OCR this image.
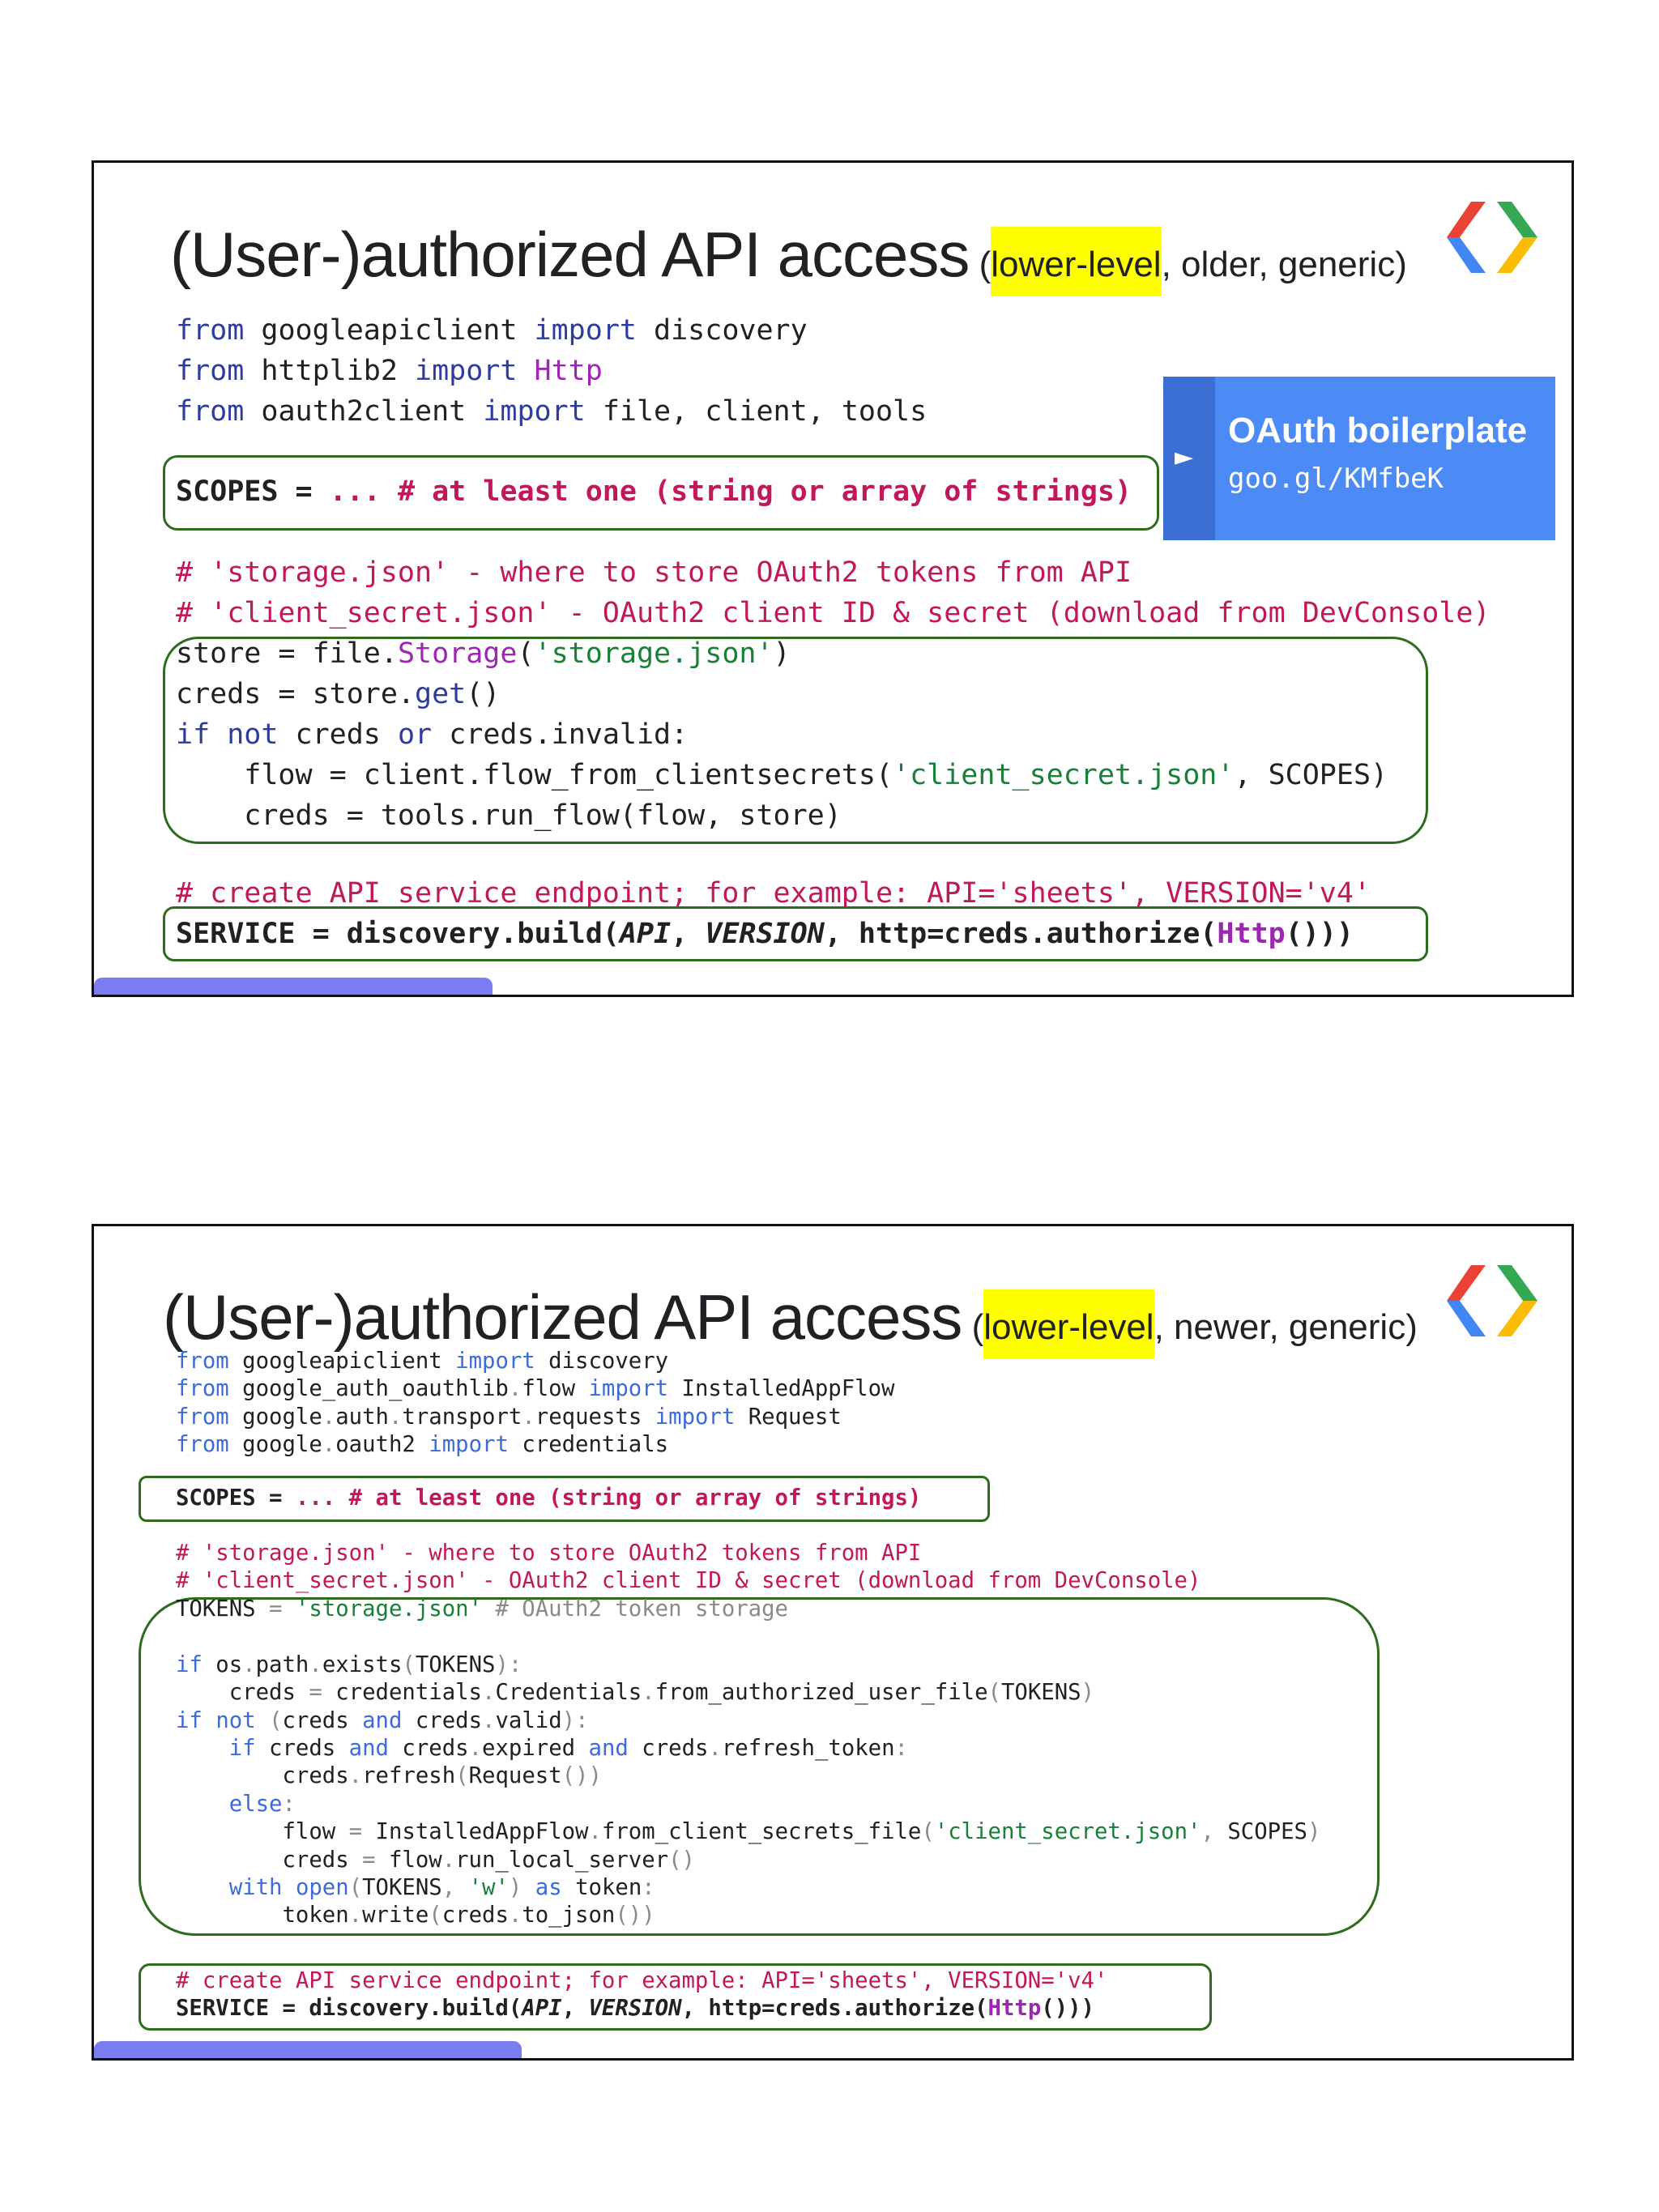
(User-)authorized API access (lower-level, older, generic)
►
OAuth boilerplate
goo.gl/KMfbeK
from googleapiclient import discovery
from httplib2 import Http
from oauth2client import file, client, tools
SCOPES = ... # at least one (string or array of strings)
# 'storage.json' - where to store OAuth2 tokens from API
# 'client_secret.json' - OAuth2 client ID & secret (download from DevConsole)
store = file.Storage('storage.json')
creds = store.get()
if not creds or creds.invalid:
flow = client.flow_from_clientsecrets('client_secret.json', SCOPES)
creds = tools.run_flow(flow, store)
# create API service endpoint; for example: API='sheets', VERSION='v4'
SERVICE = discovery.build(API, VERSION, http=creds.authorize(Http()))
(User-)authorized API access (lower-level, newer, generic)
from googleapiclient import discovery
from google_auth_oauthlib.flow import InstalledAppFlow
from google.auth.transport.requests import Request
from google.oauth2 import credentials
SCOPES = ... # at least one (string or array of strings)
# 'storage.json' - where to store OAuth2 tokens from API
# 'client_secret.json' - OAuth2 client ID & secret (download from DevConsole)
TOKENS = 'storage.json' # OAuth2 token storage

if os.path.exists(TOKENS):
creds = credentials.Credentials.from_authorized_user_file(TOKENS)
if not (creds and creds.valid):
if creds and creds.expired and creds.refresh_token:
creds.refresh(Request())
else:
flow = InstalledAppFlow.from_client_secrets_file('client_secret.json', SCOPES)
creds = flow.run_local_server()
with open(TOKENS, 'w') as token:
token.write(creds.to_json())
# create API service endpoint; for example: API='sheets', VERSION='v4'
SERVICE = discovery.build(API, VERSION, http=creds.authorize(Http()))
